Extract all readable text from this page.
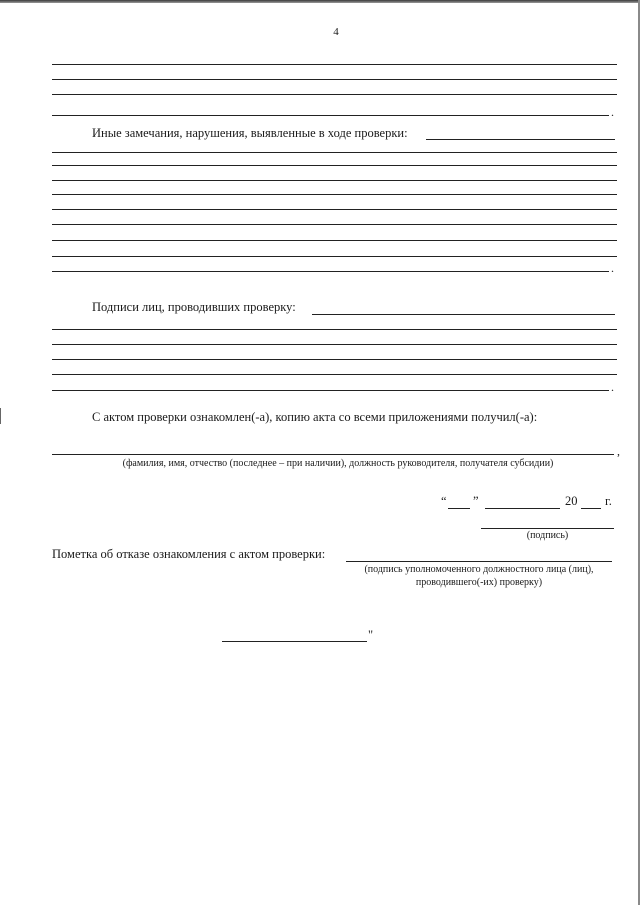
4
.
Иные замечания, нарушения, выявленные в ходе проверки:
.
Подписи лиц, проводивших проверку:
.
С актом проверки ознакомлен(-а), копию акта со всеми приложениями получил(-а):
,
(фамилия, имя, отчество (последнее – при наличии), должность руководителя, получателя субсидии)
“ ”	20 г.
(подпись)
Пометка об отказе ознакомления с актом проверки:
(подпись уполномоченного должностного лица (лиц),
проводившего(-их) проверку)
"
